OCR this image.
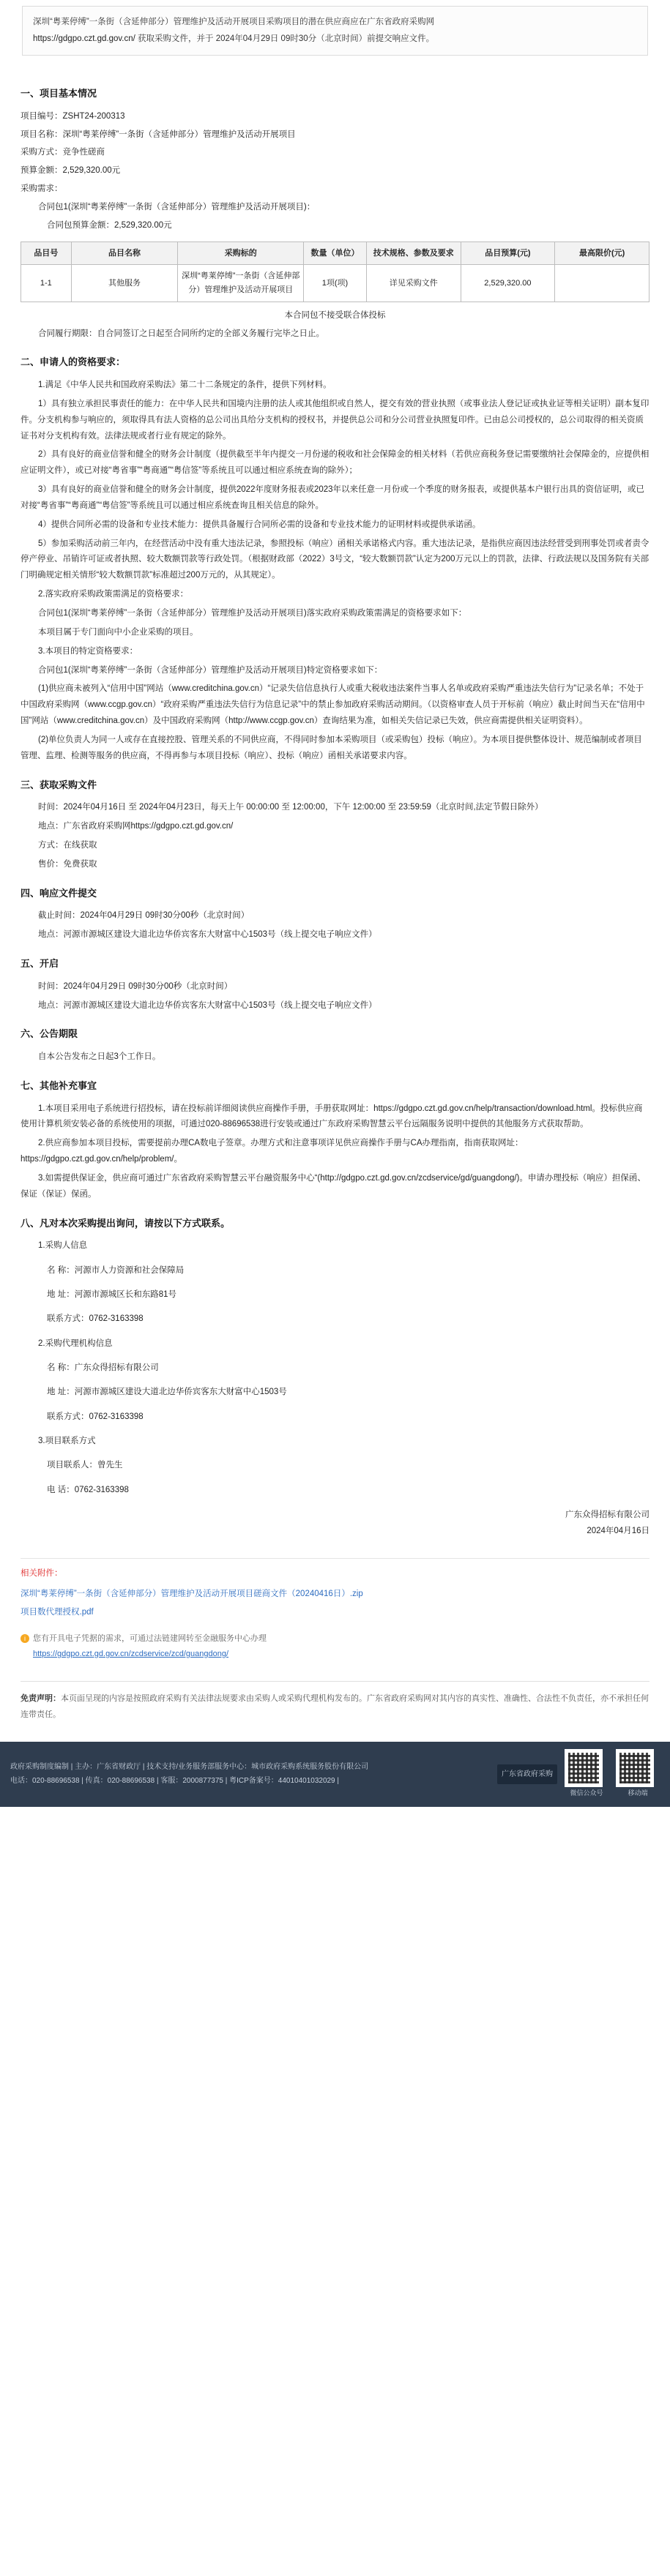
深圳“粤莱停缚”一条街（含延伸部分）管理维护及活动开展项目采购项目的潜在供应商应在广东省政府采购网
https://gdgpo.czt.gd.gov.cn/ 获取采购文件，并于 2024年04月29日 09时30分（北京时间）前提交响应文件。
一、项目基本情况

项目编号：ZSHT24-200313

项目名称：深圳“粤莱停缚”一条街（含延伸部分）管理维护及活动开展项目

采购方式：竞争性磋商

预算金额：2,529,320.00元

采购需求：

合同包1(深圳“粤莱停缚”一条街（含延伸部分）管理维护及活动开展项目)：

合同包预算金额：2,529,320.00元

品目号	品目名称	采购标的	数量（单位）	技术规格、参数及要求	品目预算(元)	最高限价(元)
1-1	其他服务	深圳“粤莱停缚”一条街（含延伸部分）管理维护及活动开展项目	1项(项)	详见采购文件	2,529,320.00	

本合同包不接受联合体投标

合同履行期限：自合同签订之日起至合同所约定的全部义务履行完毕之日止。

二、申请人的资格要求：

1.满足《中华人民共和国政府采购法》第二十二条规定的条件，提供下列材料。

1）具有独立承担民事责任的能力：在中华人民共和国境内注册的法人或其他组织或自然人，提交有效的营业执照（或事业法人登记证或执业证等相关证明）副本复印件。分支机构参与响应的，须取得具有法人资格的总公司出具给分支机构的授权书，并提供总公司和分公司营业执照复印件。已由总公司授权的，总公司取得的相关资质证书对分支机构有效。法律法规或者行业有规定的除外。

2）具有良好的商业信誉和健全的财务会计制度（提供截至半年内提交一月份递的税收和社会保障金的相关材料（若供应商税务登记需要缴纳社会保障金的，应提供相应证明文件），或已对接“粤省事”“粤商通”“粤信签”等系统且可以通过相应系统查询的除外）；

3）具有良好的商业信誉和健全的财务会计制度，提供2022年度财务报表或2023年以来任意一月份或一个季度的财务报表，或提供基本户银行出具的资信证明，或已对接“粤省事”“粤商通”“粤信签”等系统且可以通过相应系统查询且相关信息的除外。

4）提供合同所必需的设备和专业技术能力：提供具备履行合同所必需的设备和专业技术能力的证明材料或提供承诺函。

5）参加采购活动前三年内，在经营活动中没有重大违法记录，参照投标（响应）函相关承诺格式内容。重大违法记录，是指供应商因违法经营受到刑事处罚或者责令停产停业、吊销许可证或者执照、较大数额罚款等行政处罚。（根据财政部（2022）3号文，“较大数额罚款”认定为200万元以上的罚款，法律、行政法规以及国务院有关部门明确规定相关情形“较大数额罚款”标准超过200万元的，从其规定）。

2.落实政府采购政策需满足的资格要求：

合同包1(深圳“粤莱停缚”一条街（含延伸部分）管理维护及活动开展项目)落实政府采购政策需满足的资格要求如下：

本项目属于专门面向中小企业采购的项目。

3.本项目的特定资格要求：

合同包1(深圳“粤莱停缚”一条街（含延伸部分）管理维护及活动开展项目)特定资格要求如下：

(1)供应商未被列入“信用中国”网站（www.creditchina.gov.cn）“记录失信信息执行人或重大税收违法案件当事人名单或政府采购严重违法失信行为”记录名单；不处于中国政府采购网（www.ccgp.gov.cn）“政府采购严重违法失信行为信息记录”中的禁止参加政府采购活动期间。（以资格审查人员于开标前（响应）截止时间当天在“信用中国”网站（www.creditchina.gov.cn）及中国政府采购网（http://www.ccgp.gov.cn）查询结果为准，如相关失信记录已失效，供应商需提供相关证明资料）。

(2)单位负责人为同一人或存在直接控股、管理关系的不同供应商，不得同时参加本采购项目（或采购包）投标（响应）。为本项目提供整体设计、规范编制或者项目管理、监理、检测等服务的供应商，不得再参与本项目投标（响应）、投标（响应）函相关承诺要求内容。

三、获取采购文件

时间：2024年04月16日 至 2024年04月23日，每天上午 00:00:00 至 12:00:00，下午 12:00:00 至 23:59:59（北京时间,法定节假日除外）

地点：广东省政府采购网https://gdgpo.czt.gd.gov.cn/

方式：在线获取

售价：免费获取

四、响应文件提交

截止时间：2024年04月29日 09时30分00秒（北京时间）

地点：河源市源城区建设大道北边华侨宾客东大财富中心1503号（线上提交电子响应文件）

五、开启

时间：2024年04月29日 09时30分00秒（北京时间）

地点：河源市源城区建设大道北边华侨宾客东大财富中心1503号（线上提交电子响应文件）

六、公告期限

自本公告发布之日起3个工作日。

七、其他补充事宜

1.本项目采用电子系统进行招投标，请在投标前详细阅读供应商操作手册，手册获取网址：https://gdgpo.czt.gd.gov.cn/help/transaction/download.html。投标供应商使用计算机须安装必备的系统使用的项据，可通过020-88696538进行安装或通过广东政府采购智慧云平台远隔服务说明中提供的其他服务方式获取帮助。

2.供应商参加本项目投标，需要提前办理CA数电子签章。办理方式和注意事项详见供应商操作手册与CA办理指南，指南获取网址：https://gdgpo.czt.gd.gov.cn/help/problem/。

3.如需提供保证金，供应商可通过广东省政府采购智慧云平台融资服务中心“(http://gdgpo.czt.gd.gov.cn/zcdservice/gd/guangdong/)。申请办理投标（响应）担保函、保证（保证）保函。

八、凡对本次采购提出询问，请按以下方式联系。

1.采购人信息

名 称：河源市人力资源和社会保障局

地 址：河源市源城区长和东路81号

联系方式：0762-3163398

2.采购代理机构信息

名 称：广东众得招标有限公司

地 址：河源市源城区建设大道北边华侨宾客东大财富中心1503号

联系方式：0762-3163398

3.项目联系方式

项目联系人：曾先生

电 话：0762-3163398

广东众得招标有限公司
2024年04月16日
相关附件：
深圳“粤莱停缚”一条街（含延伸部分）管理维护及活动开展项目磋商文件（20240416日）.zip
项目数代理授权.pdf
i 您有开具电子凭据的需求，可通过法链建网转至金融服务中心办理
https://gdgpo.czt.gd.gov.cn/zcdservice/zcd/guangdong/
免责声明：本页面呈现的内容是按照政府采购有关法律法规要求由采购人或采购代理机构发布的。广东省政府采购网对其内容的真实性、准确性、合法性不负责任，亦不承担任何连带责任。
政府采购制度编制 | 主办：广东省财政厅 | 技术支持/业务服务部服务中心：城市政府采购系统服务股份有限公司
电话：020-88696538 | 传真：020-88696538 | 客服：2000877375 | 粤ICP备案号：44010401032029 |
广东省政府采购
微信公众号	移动端
